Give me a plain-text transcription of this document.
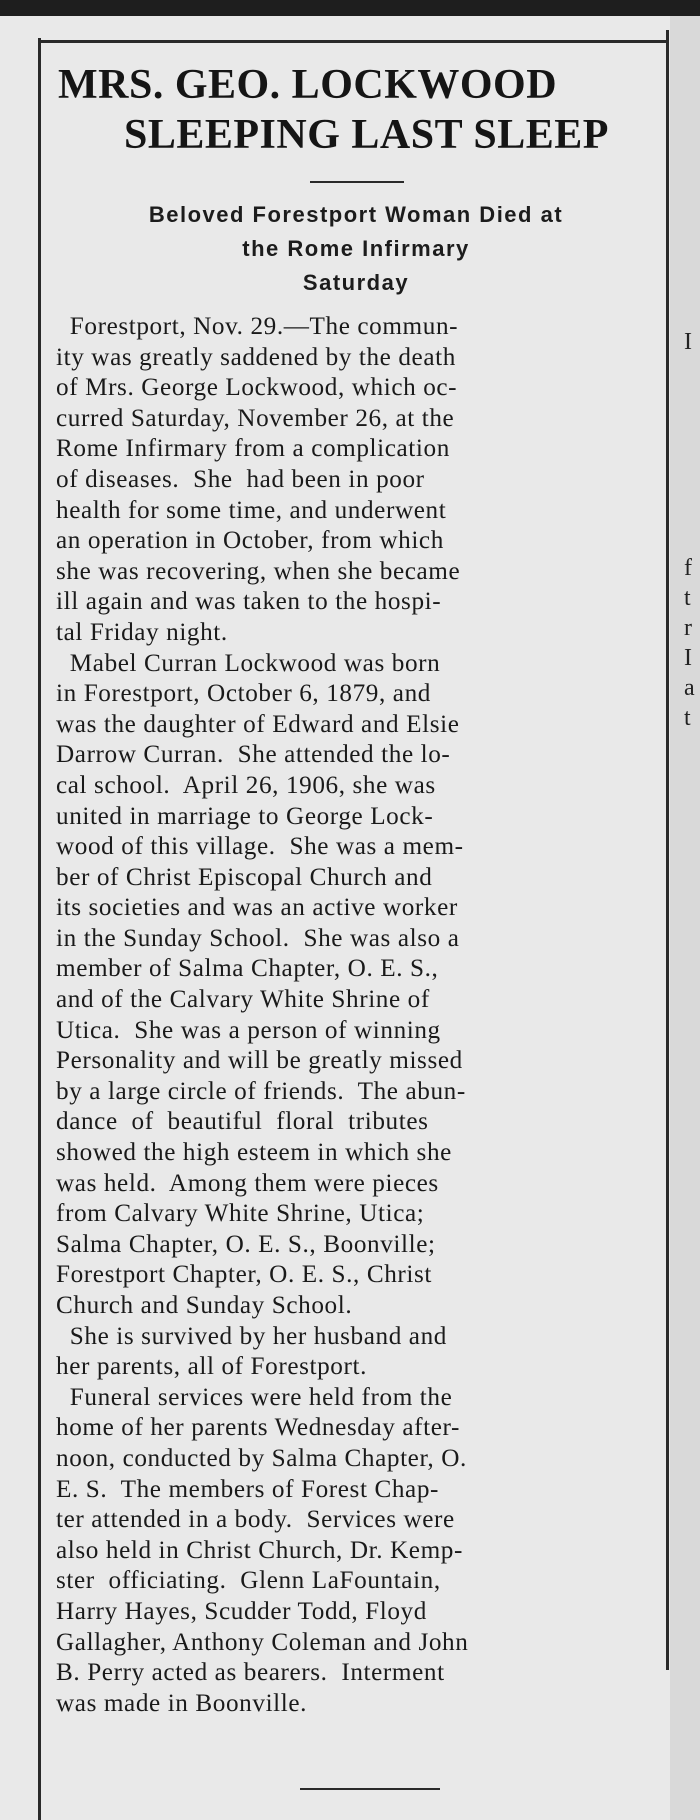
I
f
t
r
I
a
t
MRS. GEO. LOCKWOOD
SLEEPING LAST SLEEP
Beloved Forestport Woman Died at
the Rome Infirmary
Saturday
Forestport, Nov. 29.—The commun-
ity was greatly saddened by the death
of Mrs. George Lockwood, which oc-
curred Saturday, November 26, at the
Rome Infirmary from a complication
of diseases.  She  had been in poor
health for some time, and underwent
an operation in October, from which
she was recovering, when she became
ill again and was taken to the hospi-
tal Friday night.
Mabel Curran Lockwood was born
in Forestport, October 6, 1879, and
was the daughter of Edward and Elsie
Darrow Curran.  She attended the lo-
cal school.  April 26, 1906, she was
united in marriage to George Lock-
wood of this village.  She was a mem-
ber of Christ Episcopal Church and
its societies and was an active worker
in the Sunday School.  She was also a
member of Salma Chapter, O. E. S.,
and of the Calvary White Shrine of
Utica.  She was a person of winning
Personality and will be greatly missed
by a large circle of friends.  The abun-
dance  of  beautiful  floral  tributes
showed the high esteem in which she
was held.  Among them were pieces
from Calvary White Shrine, Utica;
Salma Chapter, O. E. S., Boonville;
Forestport Chapter, O. E. S., Christ
Church and Sunday School.
She is survived by her husband and
her parents, all of Forestport.
Funeral services were held from the
home of her parents Wednesday after-
noon, conducted by Salma Chapter, O.
E. S.  The members of Forest Chap-
ter attended in a body.  Services were
also held in Christ Church, Dr. Kemp-
ster  officiating.  Glenn LaFountain,
Harry Hayes, Scudder Todd, Floyd
Gallagher, Anthony Coleman and John
B. Perry acted as bearers.  Interment
was made in Boonville.
